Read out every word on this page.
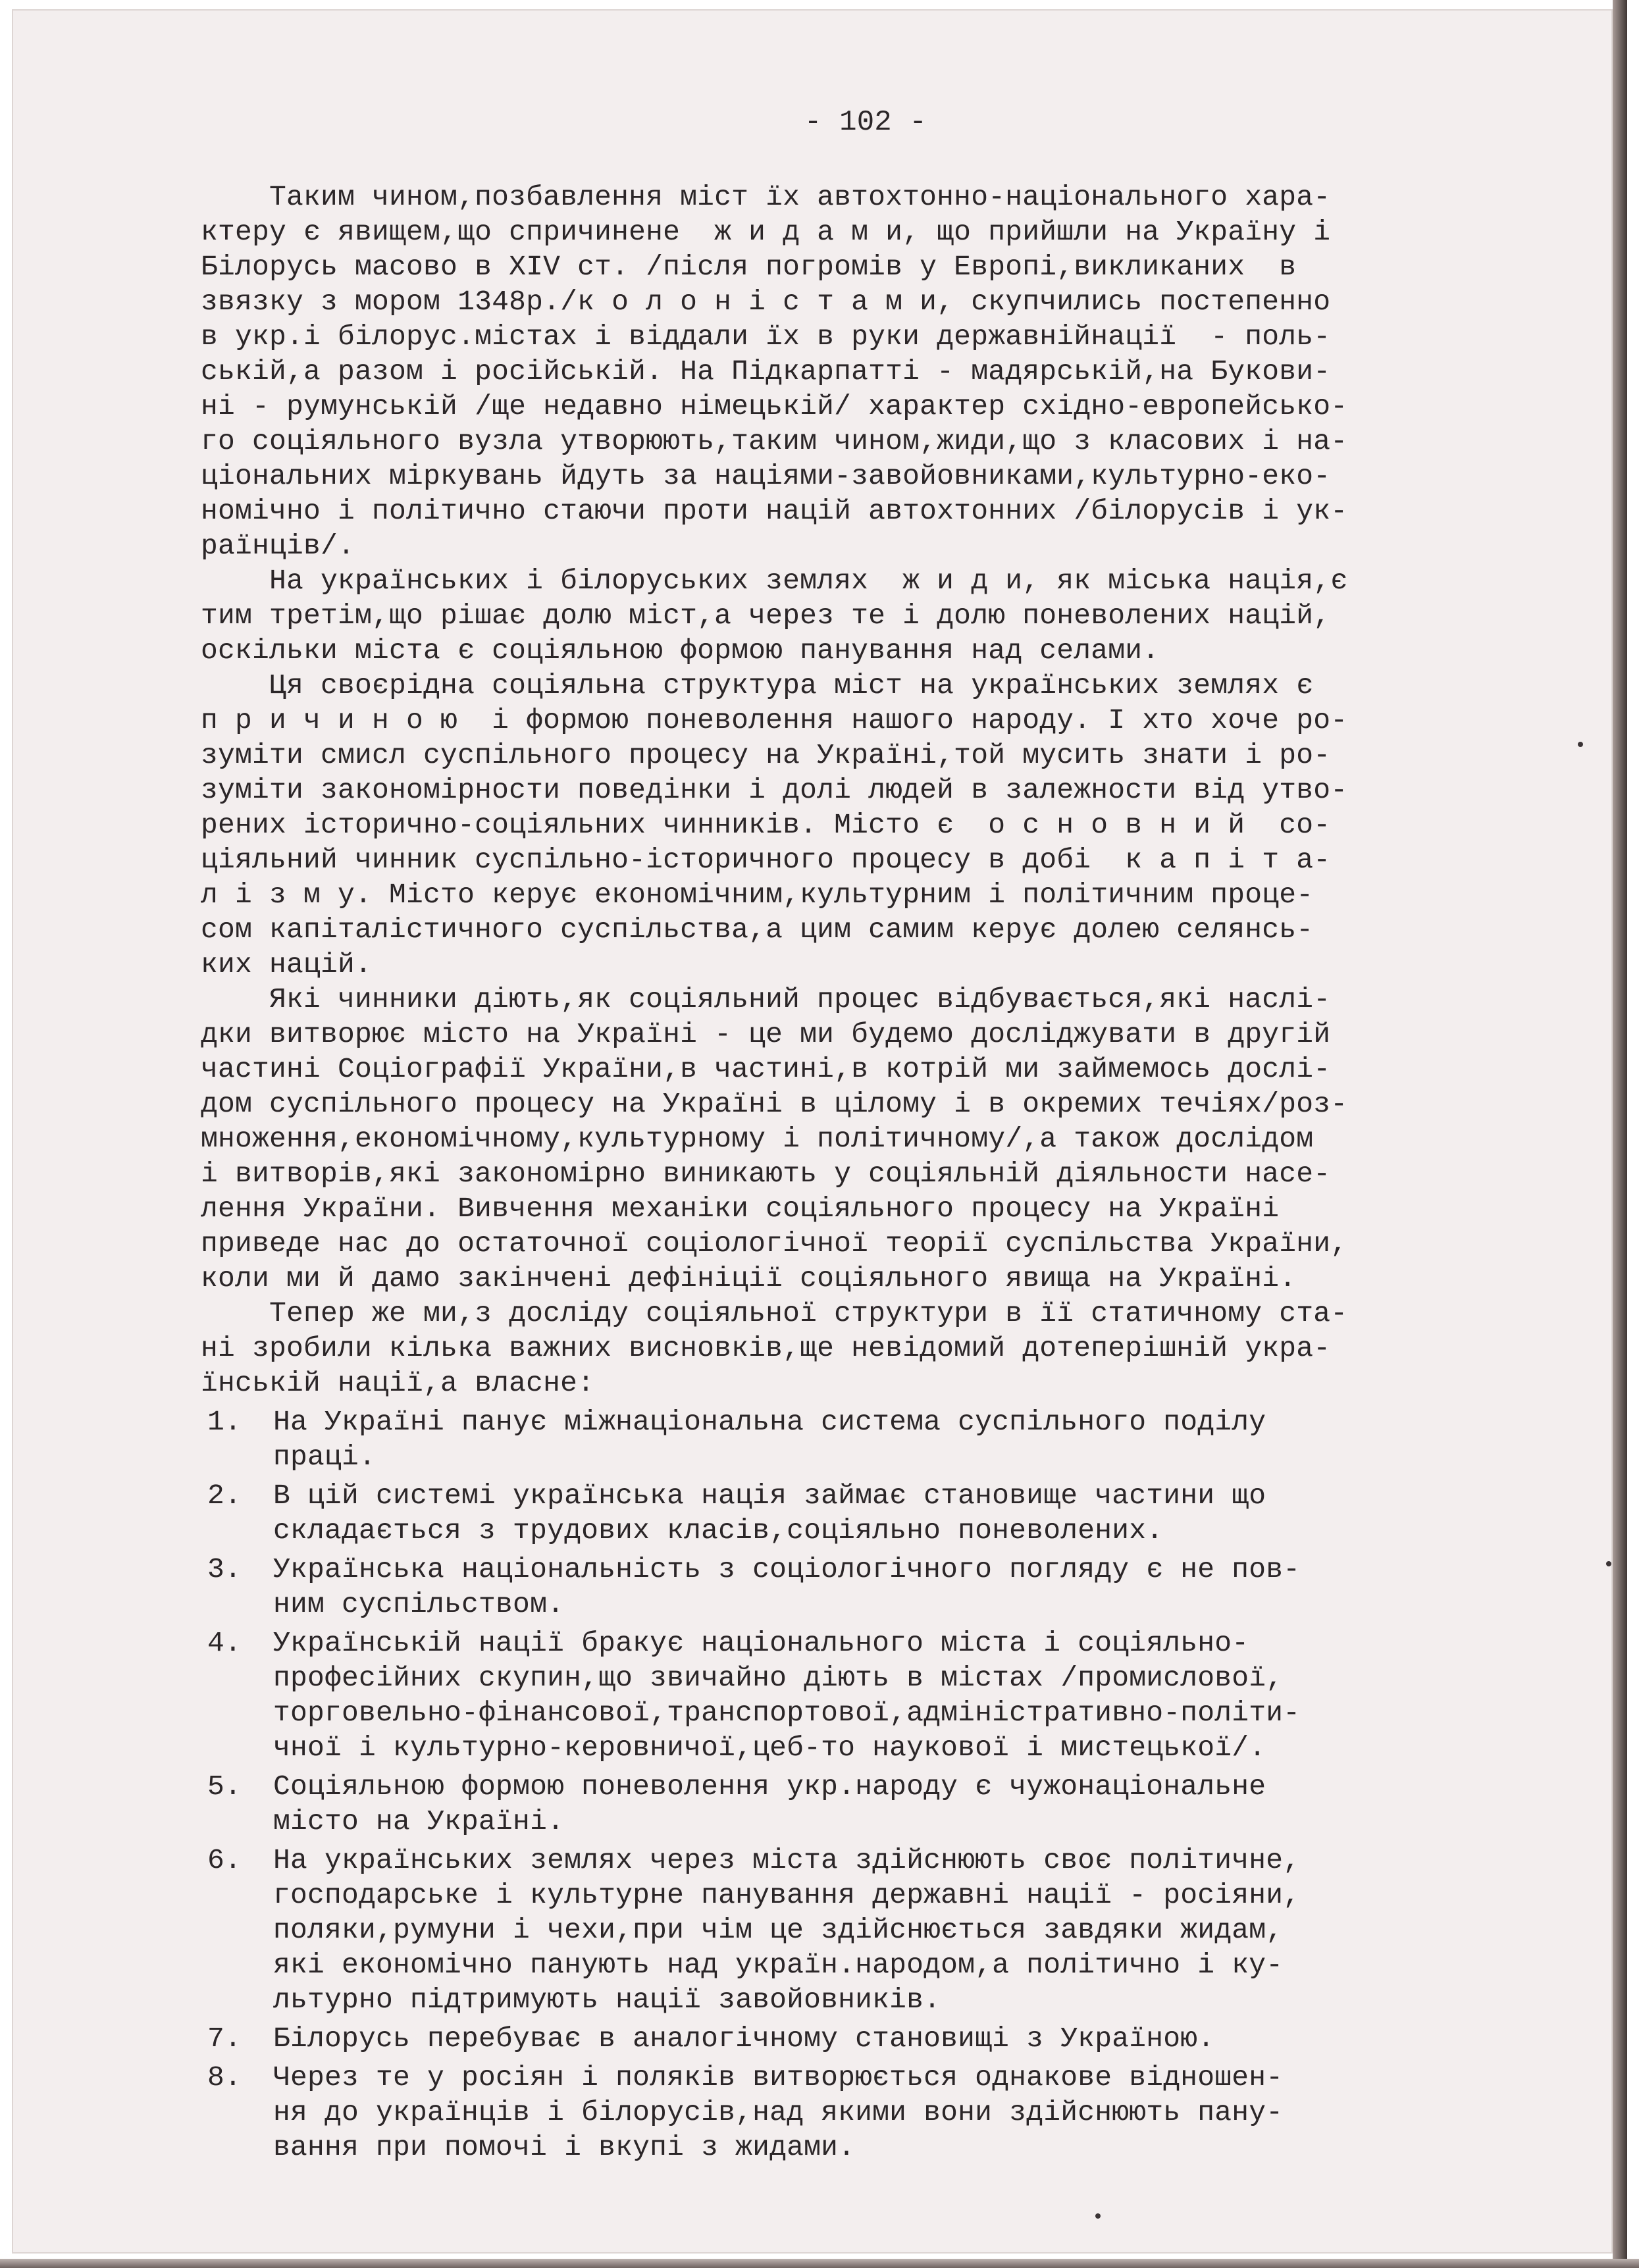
- 102 -
Таким чином,позбавлення міст їх автохтонно-національного хара-
ктеру є явищем,що спричинене  ж и д а м и, що прийшли на Україну і
Білорусь масово в XIV ст. /після погромів у Европі,викликаних  в
звязку з мором 1348р./к о л о н і с т а м и, скупчились постепенно
в укр.і білорус.містах і віддали їх в руки державнійнації  - поль-
ській,а разом і російській. На Підкарпатті - мадярській,на Букови-
ні - румунській /ще недавно німецькій/ характер східно-европейсько-
го соціяльного вузла утворюють,таким чином,жиди,що з класових і на-
ціональних міркувань йдуть за націями-завойовниками,культурно-еко-
номічно і політично стаючи проти націй автохтонних /білорусів і ук-
раїнців/.
На українських і білоруських землях  ж и д и, як міська нація,є
тим третім,що рішає долю міст,а через те і долю поневолених націй,
оскільки міста є соціяльною формою панування над селами.
Ця своєрідна соціяльна структура міст на українських землях є
п р и ч и н о ю  і формою поневолення нашого народу. І хто хоче ро-
зуміти смисл суспільного процесу на Україні,той мусить знати і ро-
зуміти закономірности поведінки і долі людей в залежности від утво-
рених історично-соціяльних чинників. Місто є  о с н о в н и й  со-
ціяльний чинник суспільно-історичного процесу в добі  к а п і т а-
л і з м у. Місто керує економічним,культурним і політичним проце-
сом капіталістичного суспільства,а цим самим керує долею селянсь-
ких націй.
Які чинники діють,як соціяльний процес відбувається,які наслі-
дки витворює місто на Україні - це ми будемо досліджувати в другій
частині Соціографії України,в частині,в котрій ми займемось дослі-
дом суспільного процесу на Україні в цілому і в окремих течіях/роз-
множення,економічному,культурному і політичному/,а також дослідом
і витворів,які закономірно виникають у соціяльній діяльности насе-
лення України. Вивчення механіки соціяльного процесу на Україні
приведе нас до остаточної соціологічної теорії суспільства України,
коли ми й дамо закінчені дефініції соціяльного явища на Україні.
Тепер же ми,з досліду соціяльної структури в її статичному ста-
ні зробили кілька важних висновків,ще невідомий дотеперішній укра-
їнській нації,а власне:
1. На Україні панує міжнаціональна система суспільного поділу
праці.
2. В цій системі українська нація займає становище частини що
складається з трудових класів,соціяльно поневолених.
3. Українська національність з соціологічного погляду є не пов-
ним суспільством.
4. Українській нації бракує національного міста і соціяльно-
професійних скупин,що звичайно діють в містах /промислової,
торговельно-фінансової,транспортової,адміністративно-політи-
чної і культурно-керовничої,цеб-то наукової і мистецької/.
5. Соціяльною формою поневолення укр.народу є чужонаціональне
місто на Україні.
6. На українських землях через міста здійснюють своє політичне,
господарське і культурне панування державні нації - росіяни,
поляки,румуни і чехи,при чім це здійснюється завдяки жидам,
які економічно панують над україн.народом,а політично і ку-
льтурно підтримують нації завойовників.
7. Білорусь перебуває в аналогічному становищі з Україною.
8. Через те у росіян і поляків витворюється однакове відношен-
ня до українців і білорусів,над якими вони здійснюють пану-
вання при помочі і вкупі з жидами.
